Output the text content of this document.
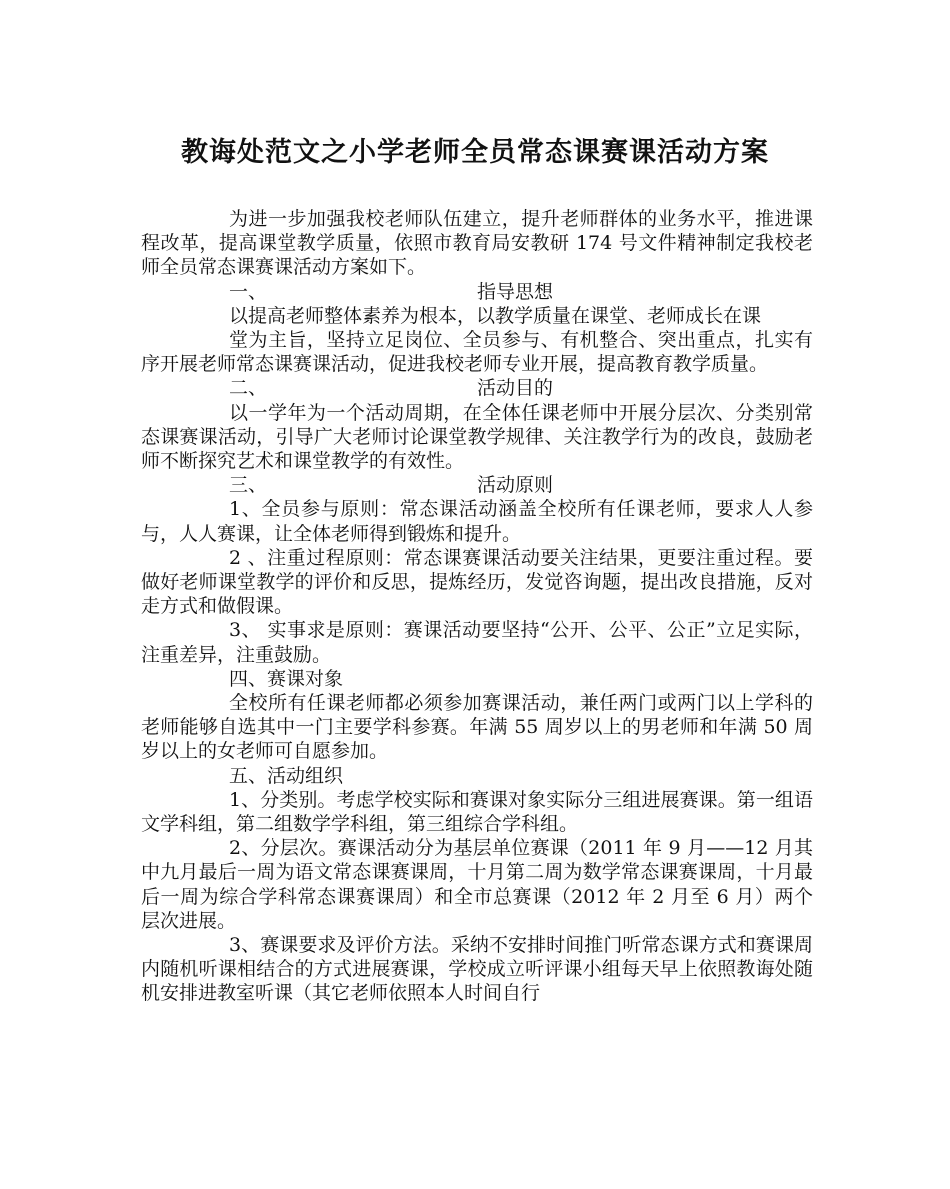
教诲处范文之小学老师全员常态课赛课活动方案

为进一步加强我校老师队伍建立，提升老师群体的业务水平，推进课程改革，提高课堂教学质量，依照市教育局安教研 174 号文件精神制定我校老师全员常态课赛课活动方案如下。

一、	指导思想

以提高老师整体素养为根本，以教学质量在课堂、老师成长在课

堂为主旨，坚持立足岗位、全员参与、有机整合、突出重点，扎实有序开展老师常态课赛课活动，促进我校老师专业开展，提高教育教学质量。

二、	活动目的

以一学年为一个活动周期，在全体任课老师中开展分层次、分类别常态课赛课活动，引导广大老师讨论课堂教学规律、关注教学行为的改良，鼓励老师不断探究艺术和课堂教学的有效性。

三、	活动原则

1、全员参与原则：常态课活动涵盖全校所有任课老师，要求人人参与，人人赛课，让全体老师得到锻炼和提升。

2 、注重过程原则：常态课赛课活动要关注结果，更要注重过程。要做好老师课堂教学的评价和反思，提炼经历，发觉咨询题，提出改良措施，反对走方式和做假课。

3、 实事求是原则：赛课活动要坚持“公开、公平、公正”立足实际，注重差异，注重鼓励。

四、赛课对象

全校所有任课老师都必须参加赛课活动，兼任两门或两门以上学科的老师能够自选其中一门主要学科参赛。年满 55 周岁以上的男老师和年满 50 周岁以上的女老师可自愿参加。

五、活动组织

1、分类别。考虑学校实际和赛课对象实际分三组进展赛课。第一组语文学科组，第二组数学学科组，第三组综合学科组。

2、分层次。赛课活动分为基层单位赛课（2011 年 9 月——12 月其中九月最后一周为语文常态课赛课周，十月第二周为数学常态课赛课周，十月最后一周为综合学科常态课赛课周）和全市总赛课（2012 年 2 月至 6 月）两个层次进展。

3、赛课要求及评价方法。采纳不安排时间推门听常态课方式和赛课周内随机听课相结合的方式进展赛课，学校成立听评课小组每天早上依照教诲处随机安排进教室听课（其它老师依照本人时间自行
